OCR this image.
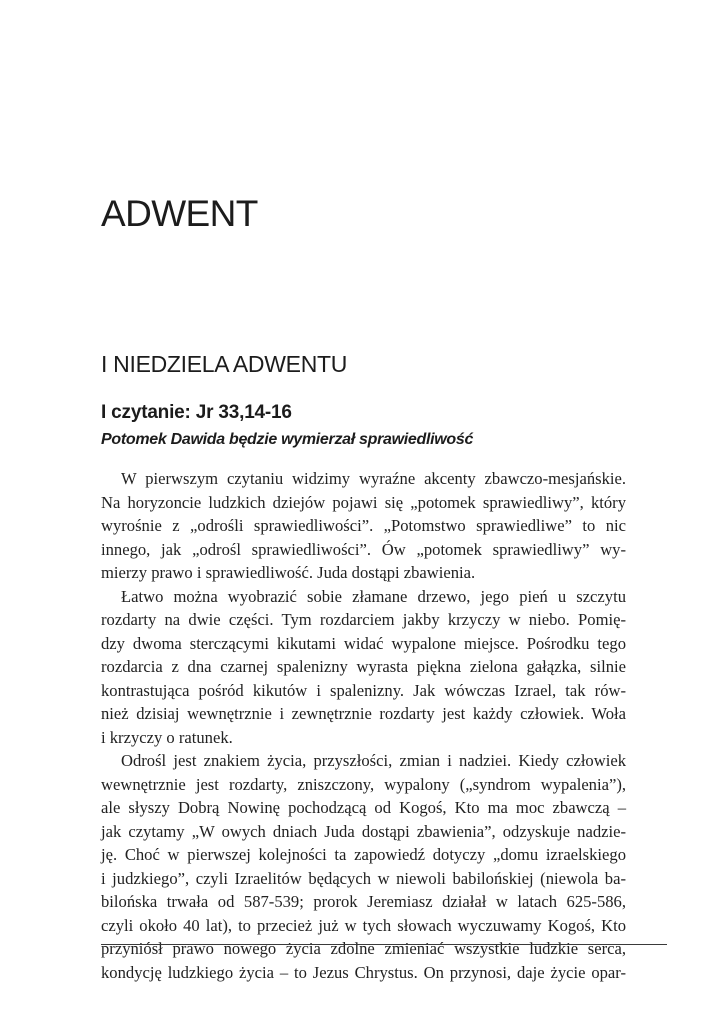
ADWENT
I NIEDZIELA ADWENTU
I czytanie: Jr 33,14-16
Potomek Dawida będzie wymierzał sprawiedliwość
W pierwszym czytaniu widzimy wyraźne akcenty zbawczo-mesjańskie.
Na horyzoncie ludzkich dziejów pojawi się „potomek sprawiedliwy”, który
wyrośnie z „odrośli sprawiedliwości”. „Potomstwo sprawiedliwe” to nic
innego, jak „odrośl sprawiedliwości”. Ów „potomek sprawiedliwy” wy-
mierzy prawo i sprawiedliwość. Juda dostąpi zbawienia.
Łatwo można wyobrazić sobie złamane drzewo, jego pień u szczytu
rozdarty na dwie części. Tym rozdarciem jakby krzyczy w niebo. Pomię-
dzy dwoma sterczącymi kikutami widać wypalone miejsce. Pośrodku tego
rozdarcia z dna czarnej spalenizny wyrasta piękna zielona gałązka, silnie
kontrastująca pośród kikutów i spalenizny. Jak wówczas Izrael, tak rów-
nież dzisiaj wewnętrznie i zewnętrznie rozdarty jest każdy człowiek. Woła
i krzyczy o ratunek.
Odrośl jest znakiem życia, przyszłości, zmian i nadziei. Kiedy człowiek
wewnętrznie jest rozdarty, zniszczony, wypalony („syndrom wypalenia”),
ale słyszy Dobrą Nowinę pochodzącą od Kogoś, Kto ma moc zbawczą –
jak czytamy „W owych dniach Juda dostąpi zbawienia”, odzyskuje nadzie-
ję. Choć w pierwszej kolejności ta zapowiedź dotyczy „domu izraelskiego
i judzkiego”, czyli Izraelitów będących w niewoli babilońskiej (niewola ba-
bilońska trwała od 587-539; prorok Jeremiasz działał w latach 625-586,
czyli około 40 lat), to przecież już w tych słowach wyczuwamy Kogoś, Kto
przyniósł prawo nowego życia zdolne zmieniać wszystkie ludzkie serca,
kondycję ludzkiego życia – to Jezus Chrystus. On przynosi, daje życie opar-
